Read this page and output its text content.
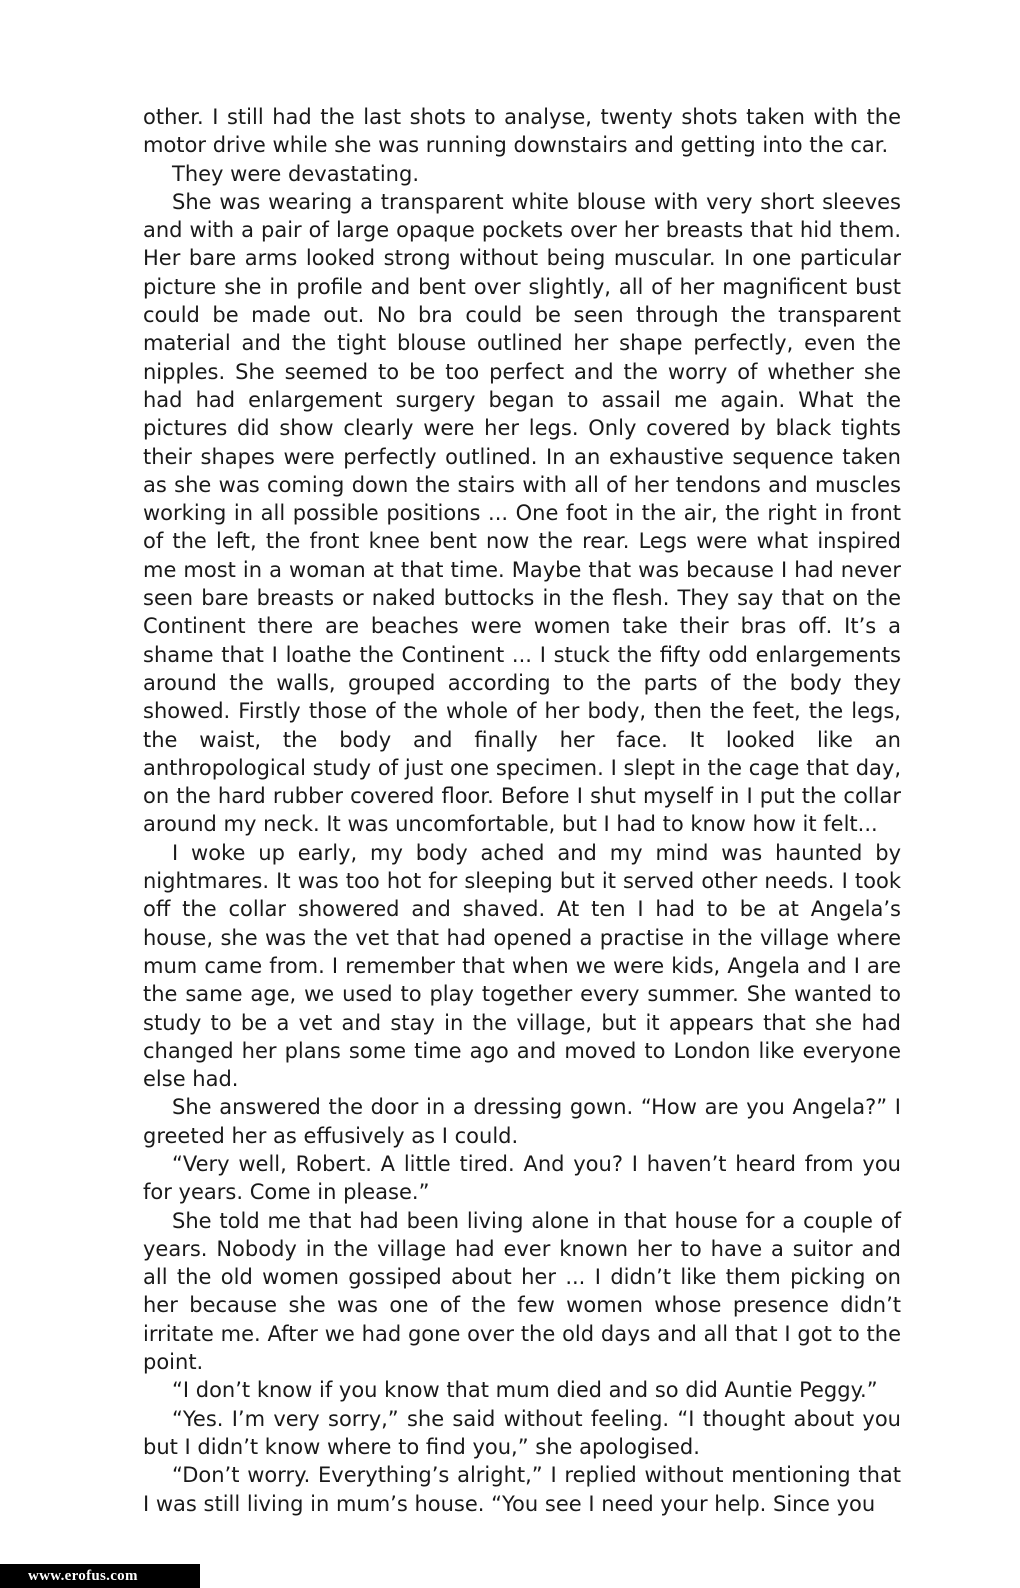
other. I still had the last shots to analyse, twenty shots taken with the motor drive while she was running downstairs and getting into the car.

They were devastating.

She was wearing a transparent white blouse with very short sleeves and with a pair of large opaque pockets over her breasts that hid them. Her bare arms looked strong without being muscular. In one particular picture she in profile and bent over slightly, all of her magnificent bust could be made out. No bra could be seen through the transparent material and the tight blouse outlined her shape perfectly, even the nipples. She seemed to be too perfect and the worry of whether she had had enlargement surgery began to assail me again. What the pictures did show clearly were her legs. Only covered by black tights their shapes were perfectly outlined. In an exhaustive sequence taken as she was coming down the stairs with all of her tendons and muscles working in all possible positions ... One foot in the air, the right in front of the left, the front knee bent now the rear. Legs were what inspired me most in a woman at that time. Maybe that was because I had never seen bare breasts or naked buttocks in the flesh. They say that on the Continent there are beaches were women take their bras off. It’s a shame that I loathe the Continent ... I stuck the fifty odd enlargements around the walls, grouped according to the parts of the body they showed. Firstly those of the whole of her body, then the feet, the legs, the waist, the body and finally her face. It looked like an anthropological study of just one specimen. I slept in the cage that day, on the hard rubber covered floor. Before I shut myself in I put the collar around my neck. It was uncomfortable, but I had to know how it felt...

I woke up early, my body ached and my mind was haunted by nightmares. It was too hot for sleeping but it served other needs. I took off the collar showered and shaved. At ten I had to be at Angela’s house, she was the vet that had opened a practise in the village where mum came from. I remember that when we were kids, Angela and I are the same age, we used to play together every summer. She wanted to study to be a vet and stay in the village, but it appears that she had changed her plans some time ago and moved to London like everyone else had.

She answered the door in a dressing gown. “How are you Angela?” I greeted her as effusively as I could.

“Very well, Robert. A little tired. And you? I haven’t heard from you for years. Come in please.”

She told me that had been living alone in that house for a couple of years. Nobody in the village had ever known her to have a suitor and all the old women gossiped about her ... I didn’t like them picking on her because she was one of the few women whose presence didn’t irritate me. After we had gone over the old days and all that I got to the point.

“I don’t know if you know that mum died and so did Auntie Peggy.”

“Yes. I’m very sorry,” she said without feeling. “I thought about you but I didn’t know where to find you,” she apologised.

“Don’t worry. Everything’s alright,” I replied without mentioning that I was still living in mum’s house. “You see I need your help. Since you

www.erofus.com
